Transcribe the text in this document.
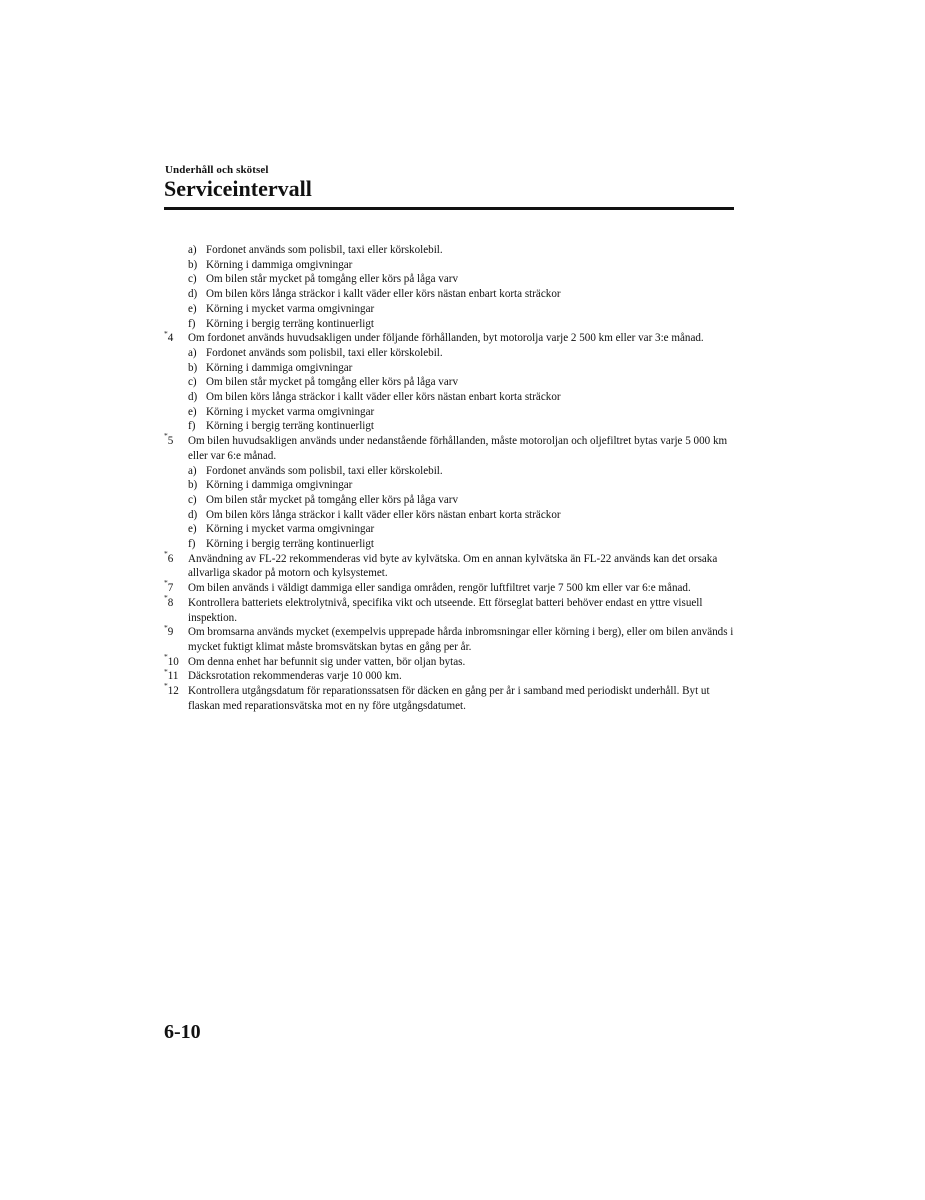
Underhåll och skötsel
Serviceintervall
a) Fordonet används som polisbil, taxi eller körskolebil.
b) Körning i dammiga omgivningar
c) Om bilen står mycket på tomgång eller körs på låga varv
d) Om bilen körs långa sträckor i kallt väder eller körs nästan enbart korta sträckor
e) Körning i mycket varma omgivningar
f) Körning i bergig terräng kontinuerligt
*4	Om fordonet används huvudsakligen under följande förhållanden, byt motorolja varje 2 500 km eller var 3:e månad.
a) Fordonet används som polisbil, taxi eller körskolebil.
b) Körning i dammiga omgivningar
c) Om bilen står mycket på tomgång eller körs på låga varv
d) Om bilen körs långa sträckor i kallt väder eller körs nästan enbart korta sträckor
e) Körning i mycket varma omgivningar
f) Körning i bergig terräng kontinuerligt
*5	Om bilen huvudsakligen används under nedanstående förhållanden, måste motoroljan och oljefiltret bytas varje 5 000 km eller var 6:e månad.
a) Fordonet används som polisbil, taxi eller körskolebil.
b) Körning i dammiga omgivningar
c) Om bilen står mycket på tomgång eller körs på låga varv
d) Om bilen körs långa sträckor i kallt väder eller körs nästan enbart korta sträckor
e) Körning i mycket varma omgivningar
f) Körning i bergig terräng kontinuerligt
*6	Användning av FL-22 rekommenderas vid byte av kylvätska. Om en annan kylvätska än FL-22 används kan det orsaka allvarliga skador på motorn och kylsystemet.
*7	Om bilen används i väldigt dammiga eller sandiga områden, rengör luftfiltret varje 7 500 km eller var 6:e månad.
*8	Kontrollera batteriets elektrolytnivå, specifika vikt och utseende. Ett förseglat batteri behöver endast en yttre visuell inspektion.
*9	Om bromsarna används mycket (exempelvis upprepade hårda inbromsningar eller körning i berg), eller om bilen används i mycket fuktigt klimat måste bromsvätskan bytas en gång per år.
*10 Om denna enhet har befunnit sig under vatten, bör oljan bytas.
*11 Däcksrotation rekommenderas varje 10 000 km.
*12 Kontrollera utgångsdatum för reparationssatsen för däcken en gång per år i samband med periodiskt underhåll. Byt ut flaskan med reparationsvätska mot en ny före utgångsdatumet.
6-10
